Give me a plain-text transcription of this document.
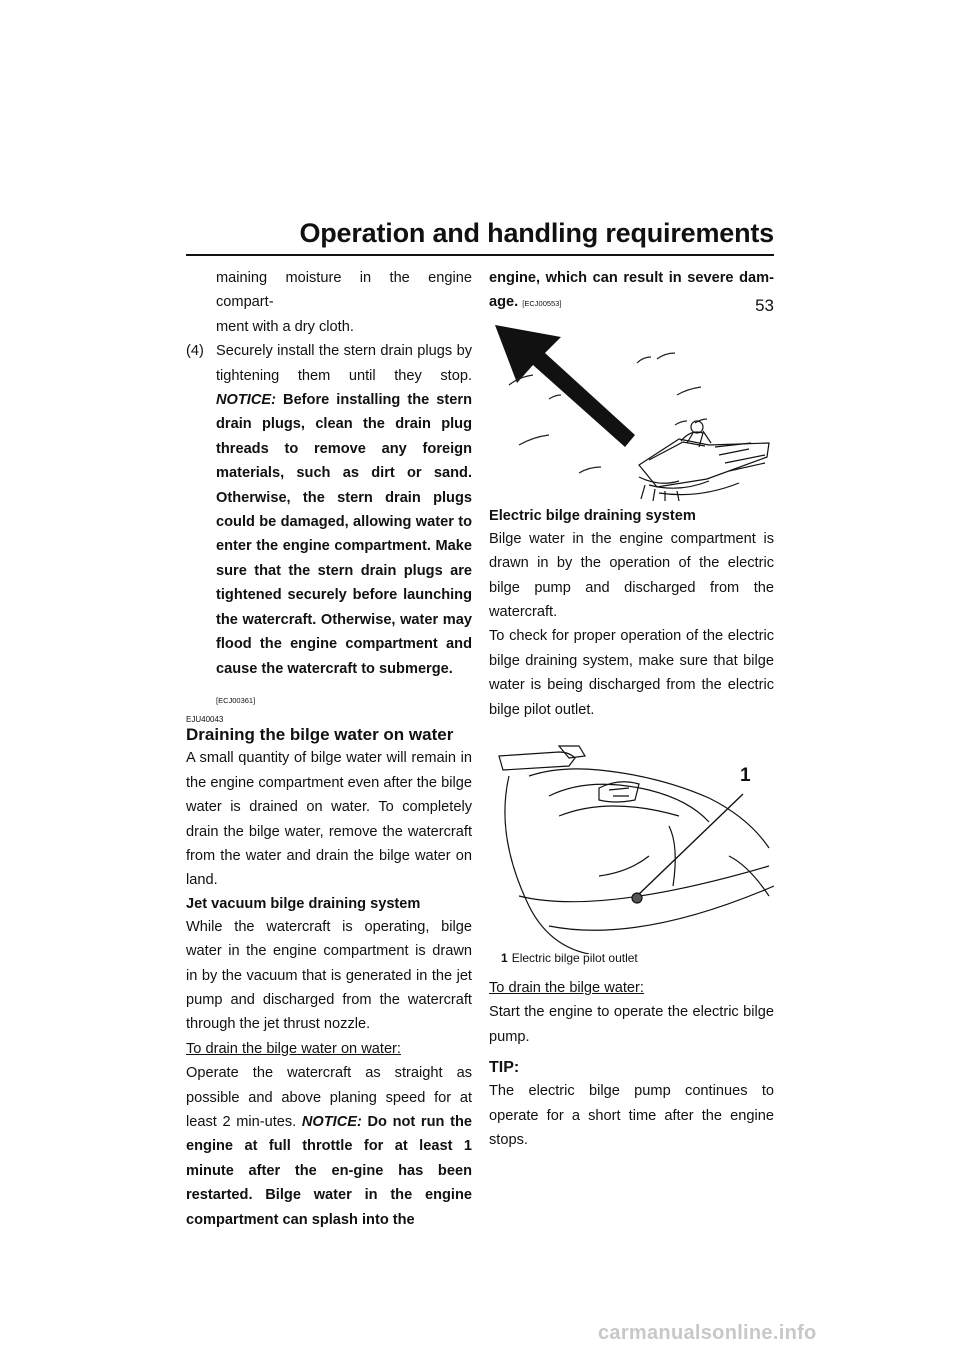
Operation and handling requirements
53

maining moisture in the engine compart-
ment with a dry cloth.

(4) Securely install the stern drain plugs by tightening them until they stop. NOTICE: Before installing the stern drain plugs, clean the drain plug threads to remove any foreign materials, such as dirt or sand. Otherwise, the stern drain plugs could be damaged, allowing water to enter the engine compartment. Make sure that the stern drain plugs are tightened securely before launching the watercraft. Otherwise, water may flood the engine compartment and cause the watercraft to submerge.

[ECJ00361]
EJU40043
Draining the bilge water on water

A small quantity of bilge water will remain in the engine compartment even after the bilge water is drained on water. To completely drain the bilge water, remove the watercraft from the water and drain the bilge water on land.

Jet vacuum bilge draining system

While the watercraft is operating, bilge water in the engine compartment is drawn in by the vacuum that is generated in the jet pump and discharged from the watercraft through the jet thrust nozzle.

To drain the bilge water on water:

Operate the watercraft as straight as possible and above planing speed for at least 2 min-utes. NOTICE: Do not run the engine at full throttle for at least 1 minute after the en-gine has been restarted. Bilge water in the engine compartment can splash into the

engine, which can result in severe dam-age. [ECJ00553]

Electric bilge draining system

Bilge water in the engine compartment is drawn in by the operation of the electric bilge pump and discharged from the watercraft.

To check for proper operation of the electric bilge draining system, make sure that bilge water is being discharged from the electric bilge pilot outlet.

1
1 Electric bilge pilot outlet
To drain the bilge water:

Start the engine to operate the electric bilge pump.

TIP:

The electric bilge pump continues to operate for a short time after the engine stops.

carmanualsonline.info
